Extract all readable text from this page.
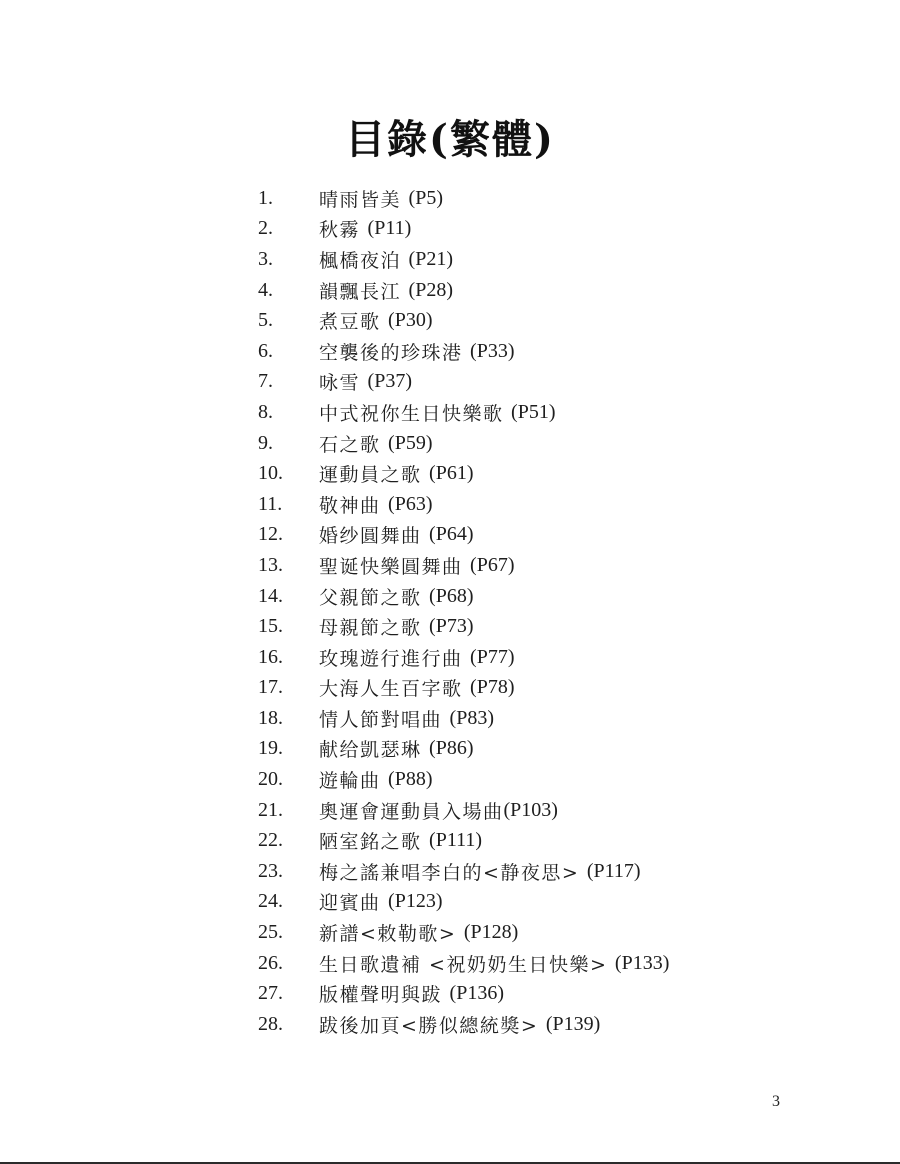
目錄(繁體)
1.	晴雨皆美 (P5)
2.	秋霧 (P11)
3.	楓橋夜泊 (P21)
4.	韻飄長江 (P28)
5.	煮豆歌 (P30)
6.	空襲後的珍珠港 (P33)
7.	咏雪 (P37)
8.	中式祝你生日快樂歌 (P51)
9.	石之歌 (P59)
10.	運動員之歌 (P61)
11.	敬神曲 (P63)
12.	婚纱圓舞曲 (P64)
13.	聖诞快樂圓舞曲 (P67)
14.	父親節之歌 (P68)
15.	母親節之歌 (P73)
16.	玫瑰遊行進行曲 (P77)
17.	大海人生百字歌 (P78)
18.	情人節對唱曲 (P83)
19.	献给凱瑟琳 (P86)
20.	遊輪曲 (P88)
21.	奧運會運動員入場曲 (P103)
22.	陋室銘之歌 (P111)
23.	梅之謠兼唱李白的<静夜思> (P117)
24.	迎賓曲 (P123)
25.	新譜<敕勒歌> (P128)
26.	生日歌遺補 <祝奶奶生日快樂> (P133)
27.	版權聲明與跋 (P136)
28.	跋後加頁<勝似總統獎> (P139)
3
